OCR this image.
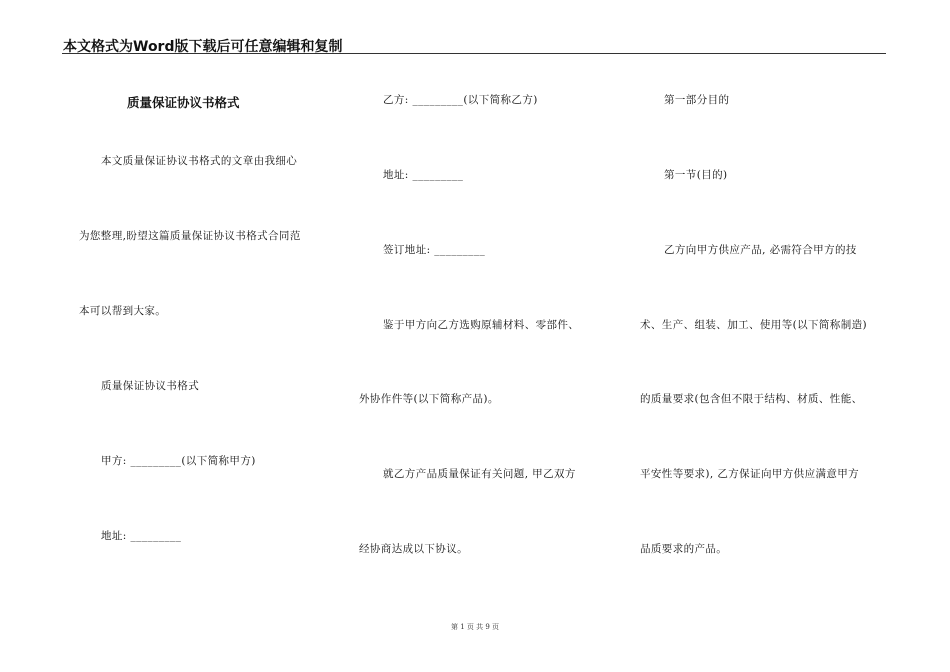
本文格式为Word版下载后可任意编辑和复制
质量保证协议书格式
本文质量保证协议书格式的文章由我细心
为您整理,盼望这篇质量保证协议书格式合同范
本可以帮到大家。
质量保证协议书格式
甲方: _________(以下简称甲方)
地址: _________
乙方: _________(以下简称乙方)
地址: _________
签订地址: _________
鉴于甲方向乙方选购原辅材料、零部件、
外协作件等(以下简称产品)。
就乙方产品质量保证有关问题, 甲乙双方
经协商达成以下协议。
第一部分目的
第一节(目的)
乙方向甲方供应产品, 必需符合甲方的技
术、生产、组装、加工、使用等(以下简称制造)
的质量要求(包含但不限于结构、材质、性能、
平安性等要求), 乙方保证向甲方供应满意甲方
品质要求的产品。
第 1 页 共 9 页
